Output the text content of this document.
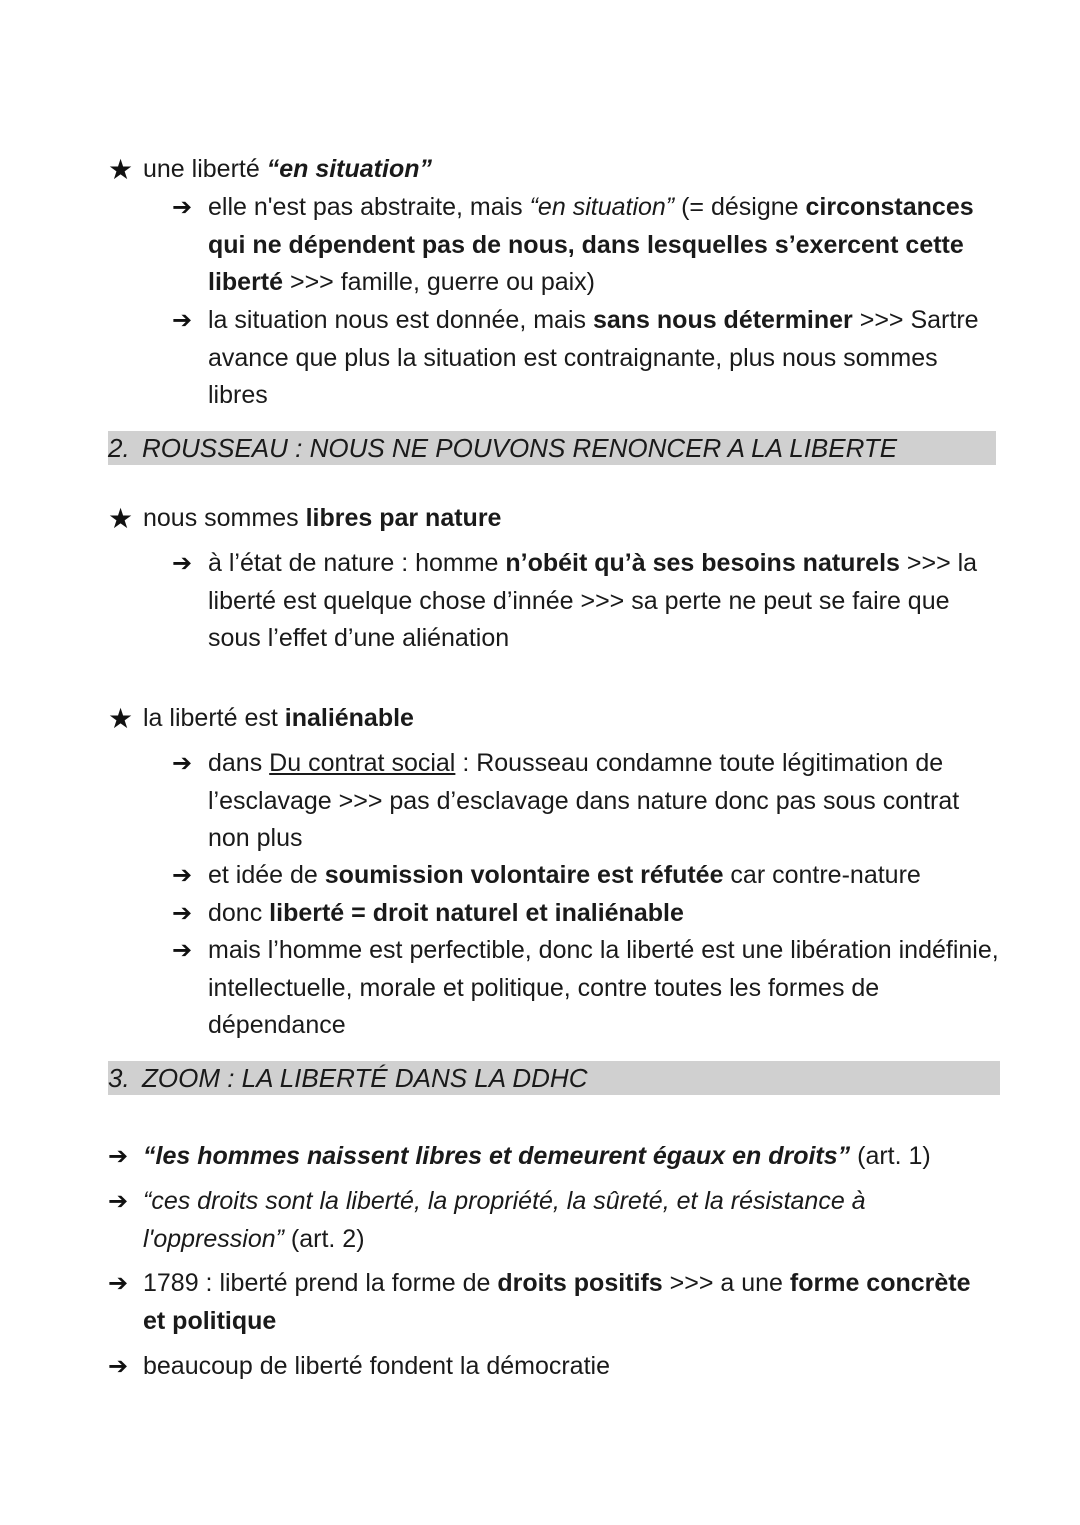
★ une liberté “en situation”
➔ elle n'est pas abstraite, mais “en situation” (= désigne circonstances qui ne dépendent pas de nous, dans lesquelles s’exercent cette liberté >>> famille, guerre ou paix)
➔ la situation nous est donnée, mais sans nous déterminer >>> Sartre avance que plus la situation est contraignante, plus nous sommes libres
2. ROUSSEAU : NOUS NE POUVONS RENONCER A LA LIBERTE
★ nous sommes libres par nature
➔ à l’état de nature : homme n’obéit qu’à ses besoins naturels >>> la liberté est quelque chose d’innée >>> sa perte ne peut se faire que sous l’effet d’une aliénation
★ la liberté est inaliénable
➔ dans Du contrat social : Rousseau condamne toute légitimation de l’esclavage >>> pas d’esclavage dans nature donc pas sous contrat non plus
➔ et idée de soumission volontaire est réfutée car contre-nature
➔ donc liberté = droit naturel et inaliénable
➔ mais l’homme est perfectible, donc la liberté est une libération indéfinie, intellectuelle, morale et politique, contre toutes les formes de dépendance
3. ZOOM : LA LIBERTÉ DANS LA DDHC
➔ “les hommes naissent libres et demeurent égaux en droits” (art. 1)
➔ “ces droits sont la liberté, la propriété, la sûreté, et la résistance à l'oppression” (art. 2)
➔ 1789 : liberté prend la forme de droits positifs >>> a une forme concrète et politique
➔ beaucoup de liberté fondent la démocratie
